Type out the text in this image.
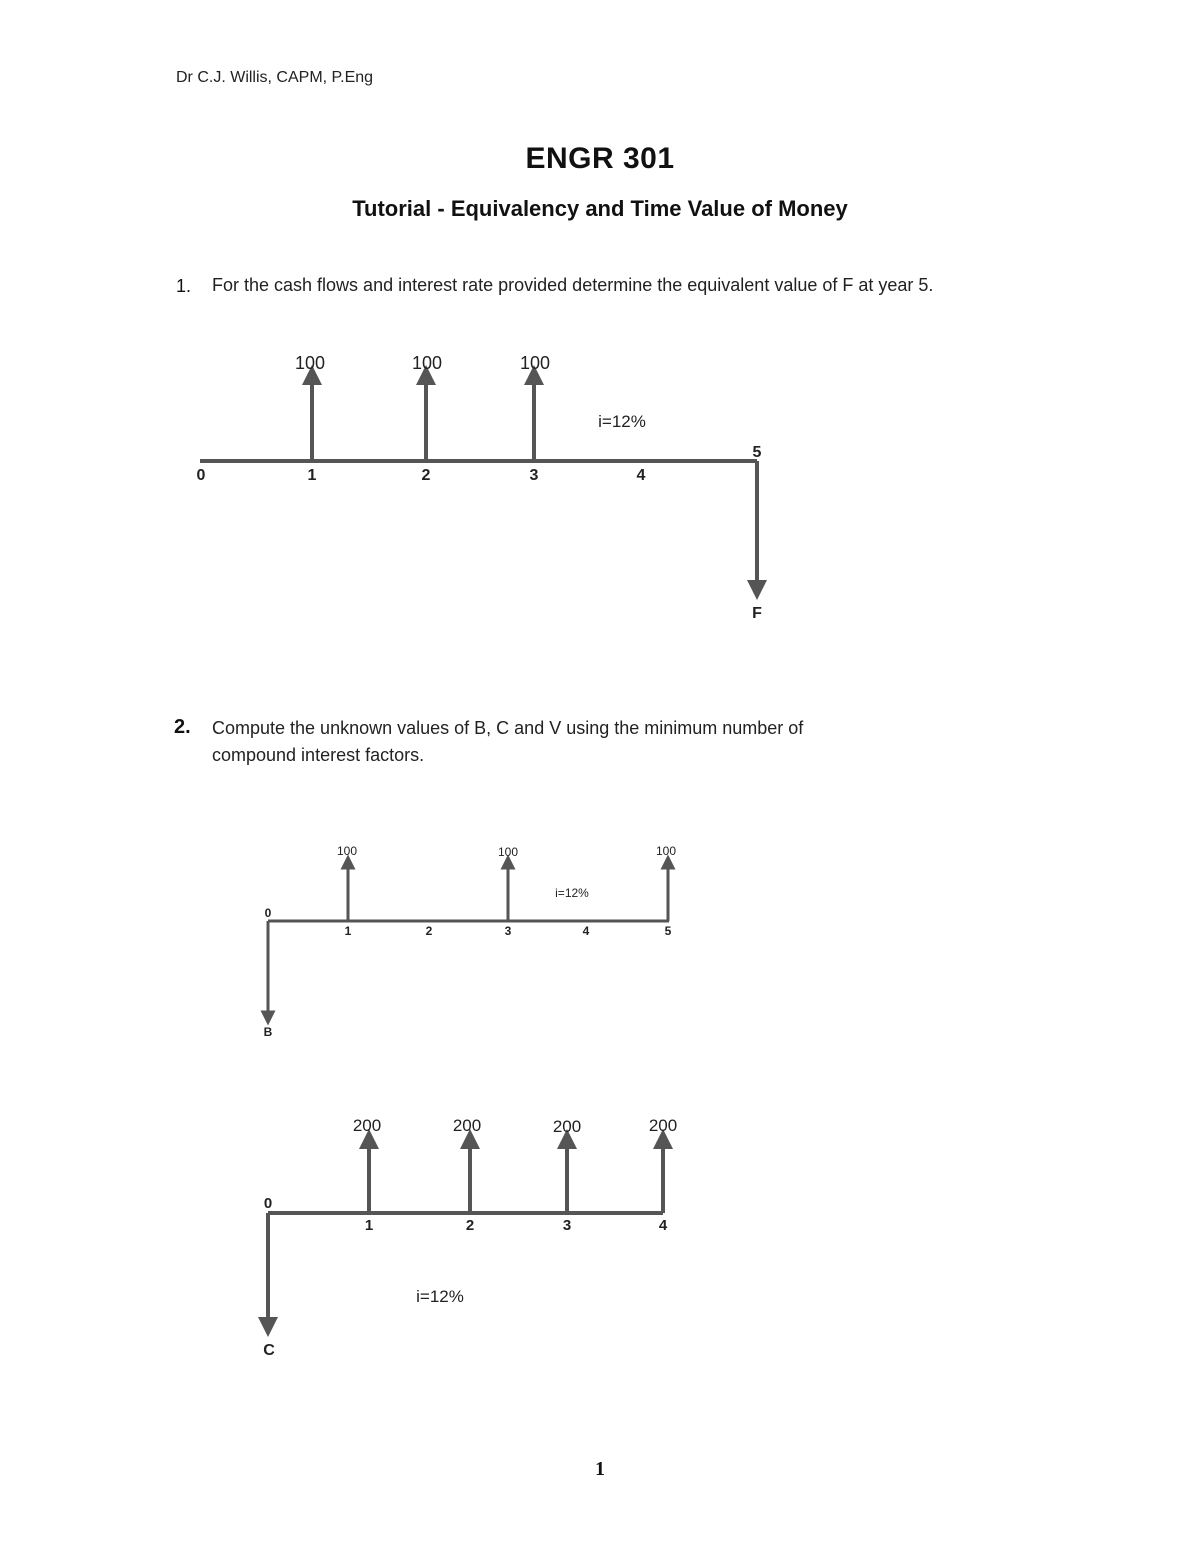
Dr C.J. Willis, CAPM, P.Eng
ENGR 301
Tutorial - Equivalency and Time Value of Money
1. For the cash flows and interest rate provided determine the equivalent value of F at year 5.
100	100	100
i=12%
0	1	2	3	4
5
F
100	100	100
i=12%
0
1	2	3	4	5
B
200	200	200	200
i=12%
0
1	2	3	4
C
2. Compute the unknown values of B, C and V using the minimum number of
compound interest factors.
1
